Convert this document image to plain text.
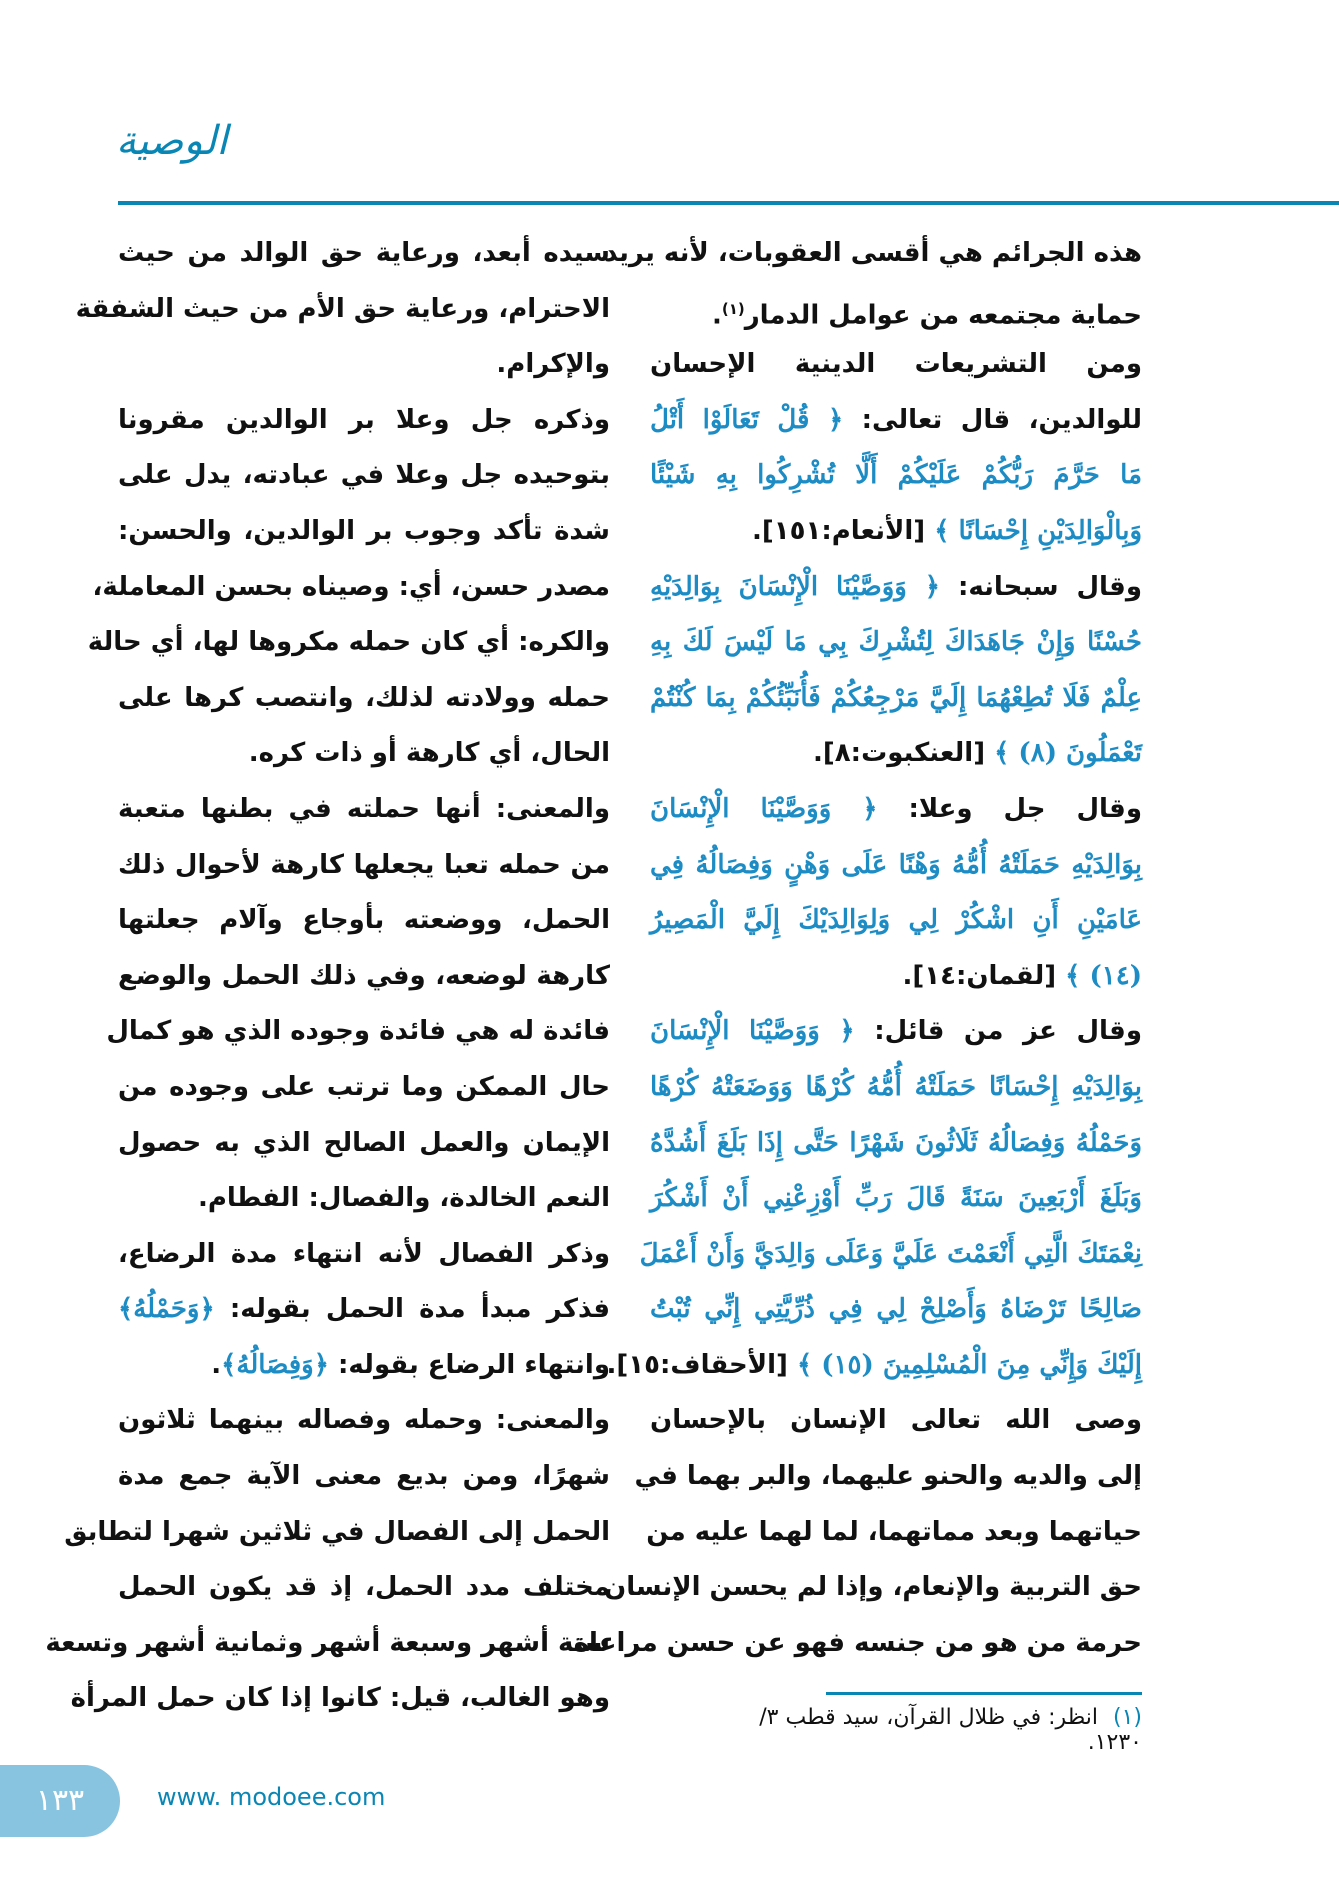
الوصية
هذه الجرائم هي أقسى العقوبات، لأنه يريد
حماية مجتمعه من عوامل الدمار$^{(١)}$.
ومن التشريعات الدينية الإحسان
للوالدين، قال تعالى: ﴿ قُلْ تَعَالَوْا أَتْلُ
مَا حَرَّمَ رَبُّكُمْ عَلَيْكُمْ أَلَّا تُشْرِكُوا بِهِ شَيْئًا
وَبِالْوَالِدَيْنِ إِحْسَانًا ﴾ [الأنعام:١٥١].
وقال سبحانه: ﴿ وَوَصَّيْنَا الْإِنْسَانَ بِوَالِدَيْهِ
حُسْنًا وَإِنْ جَاهَدَاكَ لِتُشْرِكَ بِي مَا لَيْسَ لَكَ بِهِ
عِلْمٌ فَلَا تُطِعْهُمَا إِلَيَّ مَرْجِعُكُمْ فَأُنَبِّئُكُمْ بِمَا كُنْتُمْ
تَعْمَلُونَ (٨) ﴾ [العنكبوت:٨].
وقال جل وعلا: ﴿ وَوَصَّيْنَا الْإِنْسَانَ
بِوَالِدَيْهِ حَمَلَتْهُ أُمُّهُ وَهْنًا عَلَى وَهْنٍ وَفِصَالُهُ فِي
عَامَيْنِ أَنِ اشْكُرْ لِي وَلِوَالِدَيْكَ إِلَيَّ الْمَصِيرُ
(١٤) ﴾ [لقمان:١٤].
وقال عز من قائل: ﴿ وَوَصَّيْنَا الْإِنْسَانَ
بِوَالِدَيْهِ إِحْسَانًا حَمَلَتْهُ أُمُّهُ كُرْهًا وَوَضَعَتْهُ كُرْهًا
وَحَمْلُهُ وَفِصَالُهُ ثَلَاثُونَ شَهْرًا حَتَّى إِذَا بَلَغَ أَشُدَّهُ
وَبَلَغَ أَرْبَعِينَ سَنَةً قَالَ رَبِّ أَوْزِعْنِي أَنْ أَشْكُرَ
نِعْمَتَكَ الَّتِي أَنْعَمْتَ عَلَيَّ وَعَلَى وَالِدَيَّ وَأَنْ أَعْمَلَ
صَالِحًا تَرْضَاهُ وَأَصْلِحْ لِي فِي ذُرِّيَّتِي إِنِّي تُبْتُ
إِلَيْكَ وَإِنِّي مِنَ الْمُسْلِمِينَ (١٥) ﴾ [الأحقاف:١٥].
وصى الله تعالى الإنسان بالإحسان
إلى والديه والحنو عليهما، والبر بهما في
حياتهما وبعد مماتهما، لما لهما عليه من
حق التربية والإنعام، وإذا لم يحسن الإنسان
حرمة من هو من جنسه فهو عن حسن مراعاة
سيده أبعد، ورعاية حق الوالد من حيث
الاحترام، ورعاية حق الأم من حيث الشفقة
والإكرام.
وذكره جل وعلا بر الوالدين مقرونا
بتوحيده جل وعلا في عبادته، يدل على
شدة تأكد وجوب بر الوالدين، والحسن:
مصدر حسن، أي: وصيناه بحسن المعاملة،
والكره: أي كان حمله مكروها لها، أي حالة
حمله وولادته لذلك، وانتصب كرها على
الحال، أي كارهة أو ذات كره.
والمعنى: أنها حملته في بطنها متعبة
من حمله تعبا يجعلها كارهة لأحوال ذلك
الحمل، ووضعته بأوجاع وآلام جعلتها
كارهة لوضعه، وفي ذلك الحمل والوضع
فائدة له هي فائدة وجوده الذي هو كمال
حال الممكن وما ترتب على وجوده من
الإيمان والعمل الصالح الذي به حصول
النعم الخالدة، والفصال: الفطام.
وذكر الفصال لأنه انتهاء مدة الرضاع،
فذكر مبدأ مدة الحمل بقوله: ﴿وَحَمْلُهُ﴾
وانتهاء الرضاع بقوله: ﴿وَفِصَالُهُ﴾.
والمعنى: وحمله وفصاله بينهما ثلاثون
شهرًا، ومن بديع معنى الآية جمع مدة
الحمل إلى الفصال في ثلاثين شهرا لتطابق
مختلف مدد الحمل، إذ قد يكون الحمل
ستة أشهر وسبعة أشهر وثمانية أشهر وتسعة
وهو الغالب، قيل: كانوا إذا كان حمل المرأة
(١) انظر: في ظلال القرآن، سيد قطب ٣/ ١٢٣٠.
١٣٣	www. modoee.com
